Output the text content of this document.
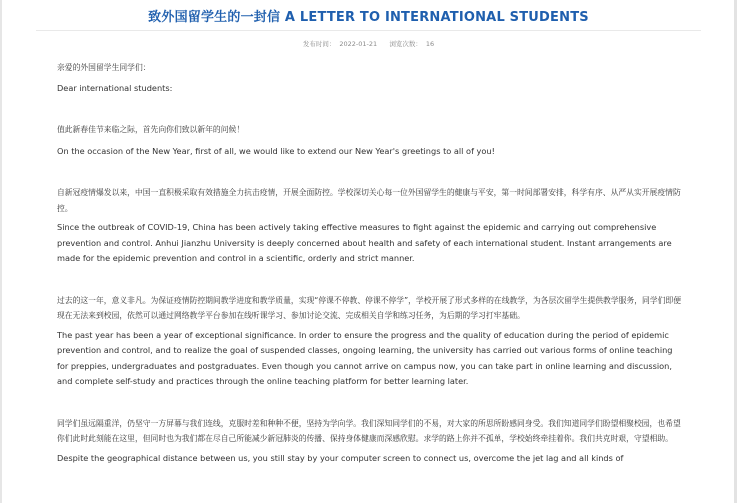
致外国留学生的一封信 A LETTER TO INTERNATIONAL STUDENTS
发布时间： 2022-01-21 浏览次数： 16

亲爱的外国留学生同学们：

Dear international students:

值此新春佳节来临之际，首先向你们致以新年的问候！

On the occasion of the New Year, first of all, we would like to extend our New Year's greetings to all of you!

自新冠疫情爆发以来，中国一直积极采取有效措施全力抗击疫情，开展全面防控。学校深切关心每一位外国留学生的健康与平安，第一时间部署安排，科学有序、从严从实开展疫情防控。

Since the outbreak of COVID-19, China has been actively taking effective measures to fight against the epidemic and carrying out comprehensive prevention and control. Anhui Jianzhu University is deeply concerned about health and safety of each international student. Instant arrangements are made for the epidemic prevention and control in a scientific, orderly and strict manner.

过去的这一年，意义非凡。为保证疫情防控期间教学进度和教学质量，实现“停课不停教、停课不停学”，学校开展了形式多样的在线教学，为各层次留学生提供教学服务，同学们即便现在无法来到校园，依然可以通过网络教学平台参加在线听课学习、参加讨论交流、完成相关自学和练习任务，为后期的学习打牢基础。

The past year has been a year of exceptional significance. In order to ensure the progress and the quality of education during the period of epidemic prevention and control, and to realize the goal of suspended classes, ongoing learning, the university has carried out various forms of online teaching for preppies, undergraduates and postgraduates. Even though you cannot arrive on campus now, you can take part in online learning and discussion, and complete self-study and practices through the online teaching platform for better learning later.

同学们虽远隔重洋，仍坚守一方屏幕与我们连线，克服时差和种种不便，坚持为学向学。我们深知同学们的不易，对大家的所思所盼感同身受。我们知道同学们盼望相聚校园，也希望你们此时此刻能在这里，但同时也为我们都在尽自己所能减少新冠肺炎的传播、保持身体健康而深感欣慰。求学的路上你并不孤单，学校始终牵挂着你。我们共克时艰，守望相助。

Despite the geographical distance between us, you still stay by your computer screen to connect us, overcome the jet lag and all kinds of
